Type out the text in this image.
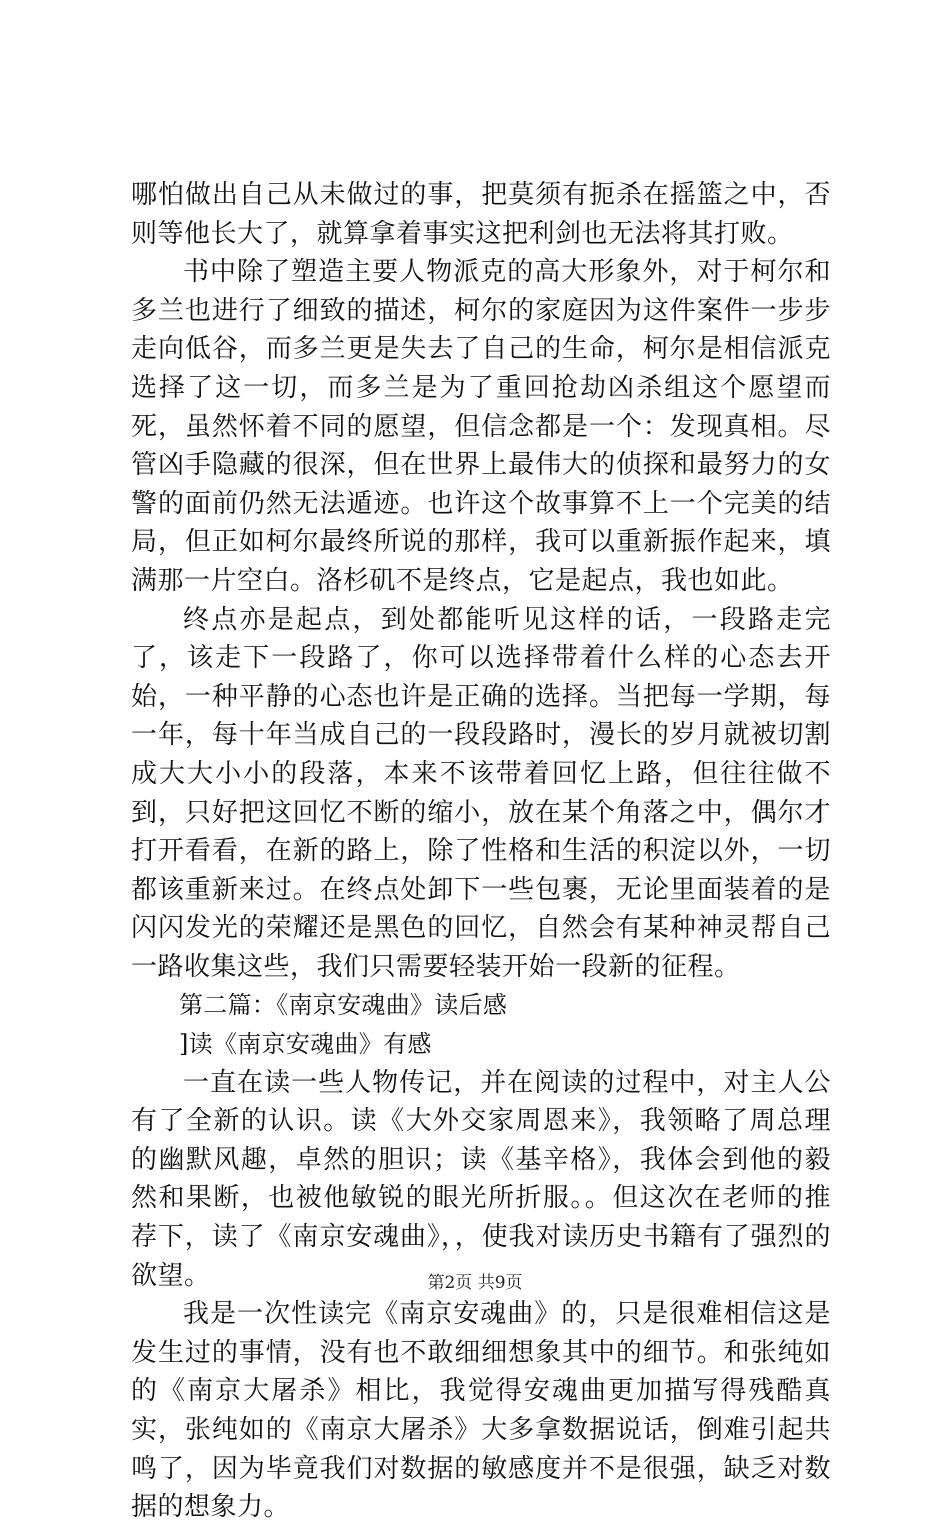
哪怕做出自己从未做过的事，把莫须有扼杀在摇篮之中，否则等他长大了，就算拿着事实这把利剑也无法将其打败。

书中除了塑造主要人物派克的高大形象外，对于柯尔和多兰也进行了细致的描述，柯尔的家庭因为这件案件一步步走向低谷，而多兰更是失去了自己的生命，柯尔是相信派克选择了这一切，而多兰是为了重回抢劫凶杀组这个愿望而死，虽然怀着不同的愿望，但信念都是一个：发现真相。尽管凶手隐藏的很深，但在世界上最伟大的侦探和最努力的女警的面前仍然无法遁迹。也许这个故事算不上一个完美的结局，但正如柯尔最终所说的那样，我可以重新振作起来，填满那一片空白。洛杉矶不是终点，它是起点，我也如此。

终点亦是起点，到处都能听见这样的话，一段路走完了，该走下一段路了，你可以选择带着什么样的心态去开始，一种平静的心态也许是正确的选择。当把每一学期，每一年，每十年当成自己的一段段路时，漫长的岁月就被切割成大大小小的段落，本来不该带着回忆上路，但往往做不到，只好把这回忆不断的缩小，放在某个角落之中，偶尔才打开看看，在新的路上，除了性格和生活的积淀以外，一切都该重新来过。在终点处卸下一些包裹，无论里面装着的是闪闪发光的荣耀还是黑色的回忆，自然会有某种神灵帮自己一路收集这些，我们只需要轻装开始一段新的征程。

第二篇：《南京安魂曲》读后感

]读《南京安魂曲》有感

一直在读一些人物传记，并在阅读的过程中，对主人公有了全新的认识。读《大外交家周恩来》，我领略了周总理的幽默风趣，卓然的胆识；读《基辛格》，我体会到他的毅然和果断，也被他敏锐的眼光所折服。。但这次在老师的推荐下，读了《南京安魂曲》，，使我对读历史书籍有了强烈的欲望。

我是一次性读完《南京安魂曲》的，只是很难相信这是发生过的事情，没有也不敢细细想象其中的细节。和张纯如的《南京大屠杀》相比，我觉得安魂曲更加描写得残酷真实，张纯如的《南京大屠杀》大多拿数据说话，倒难引起共鸣了，因为毕竟我们对数据的敏感度并不是很强，缺乏对数据的想象力。

第2页 共9页
